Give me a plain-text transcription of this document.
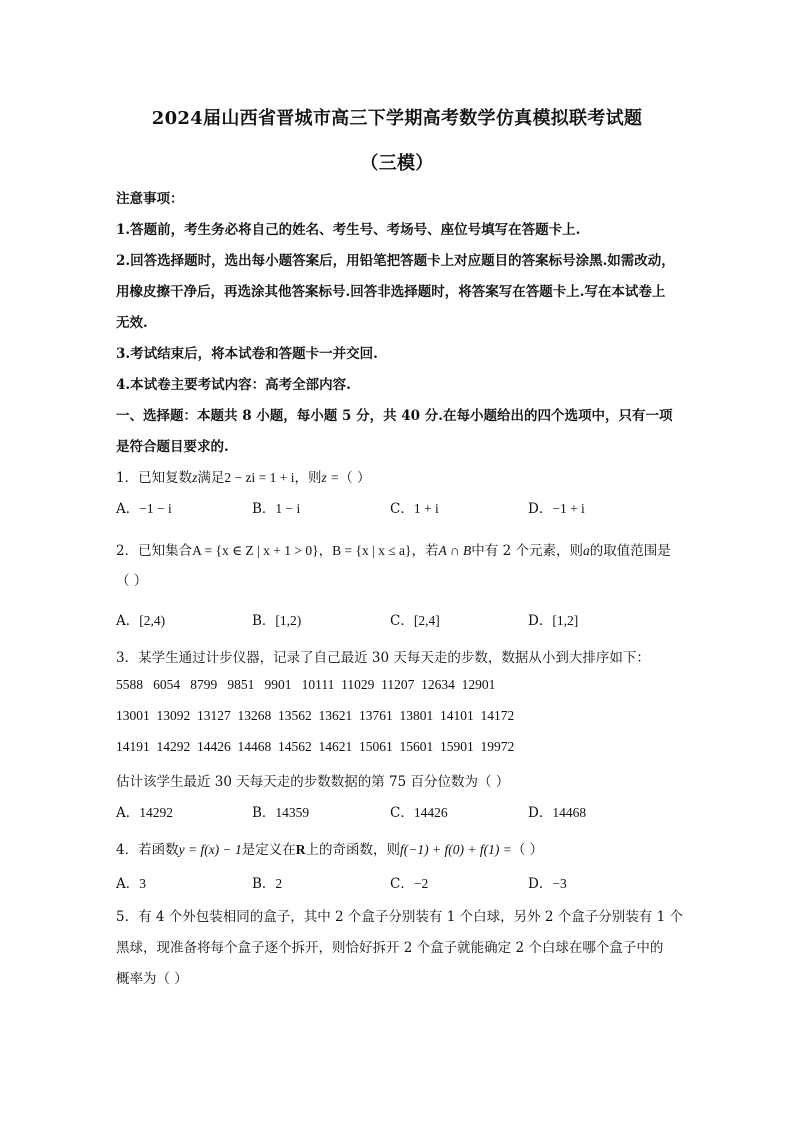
2024届山西省晋城市高三下学期高考数学仿真模拟联考试题
（三模）
注意事项：
1.答题前，考生务必将自己的姓名、考生号、考场号、座位号填写在答题卡上.
2.回答选择题时，选出每小题答案后，用铅笔把答题卡上对应题目的答案标号涂黑.如需改动，
用橡皮擦干净后，再选涂其他答案标号.回答非选择题时，将答案写在答题卡上.写在本试卷上
无效.
3.考试结束后，将本试卷和答题卡一并交回.
4.本试卷主要考试内容：高考全部内容.
一、选择题：本题共 8 小题，每小题 5 分，共 40 分.在每小题给出的四个选项中，只有一项
是符合题目要求的.
1．已知复数z满足2 − zi = 1 + i，则z =（ ）
A．−1 − i	B．1 − i	C．1 + i	D．−1 + i
2．已知集合A = {x ∈ Z | x + 1 > 0}，B = {x | x ≤ a}，若A ∩ B中有 2 个元素，则a的取值范围是
（ ）
A．[2,4)	B．[1,2)	C．[2,4]	D．[1,2]
3．某学生通过计步仪器，记录了自己最近 30 天每天走的步数，数据从小到大排序如下：
5588   6054   8799   9851   9901   10111  11029  11207  12634  12901
13001  13092  13127  13268  13562  13621  13761  13801  14101  14172
14191  14292  14426  14468  14562  14621  15061  15601  15901  19972
估计该学生最近 30 天每天走的步数数据的第 75 百分位数为（ ）
A．14292	B．14359	C．14426	D．14468
4．若函数y = f(x) − 1是定义在R上的奇函数，则f(−1) + f(0) + f(1) =（ ）
A．3	B．2	C．−2	D．−3
5．有 4 个外包装相同的盒子，其中 2 个盒子分别装有 1 个白球，另外 2 个盒子分别装有 1 个
黑球，现准备将每个盒子逐个拆开，则恰好拆开 2 个盒子就能确定 2 个白球在哪个盒子中的
概率为（ ）
